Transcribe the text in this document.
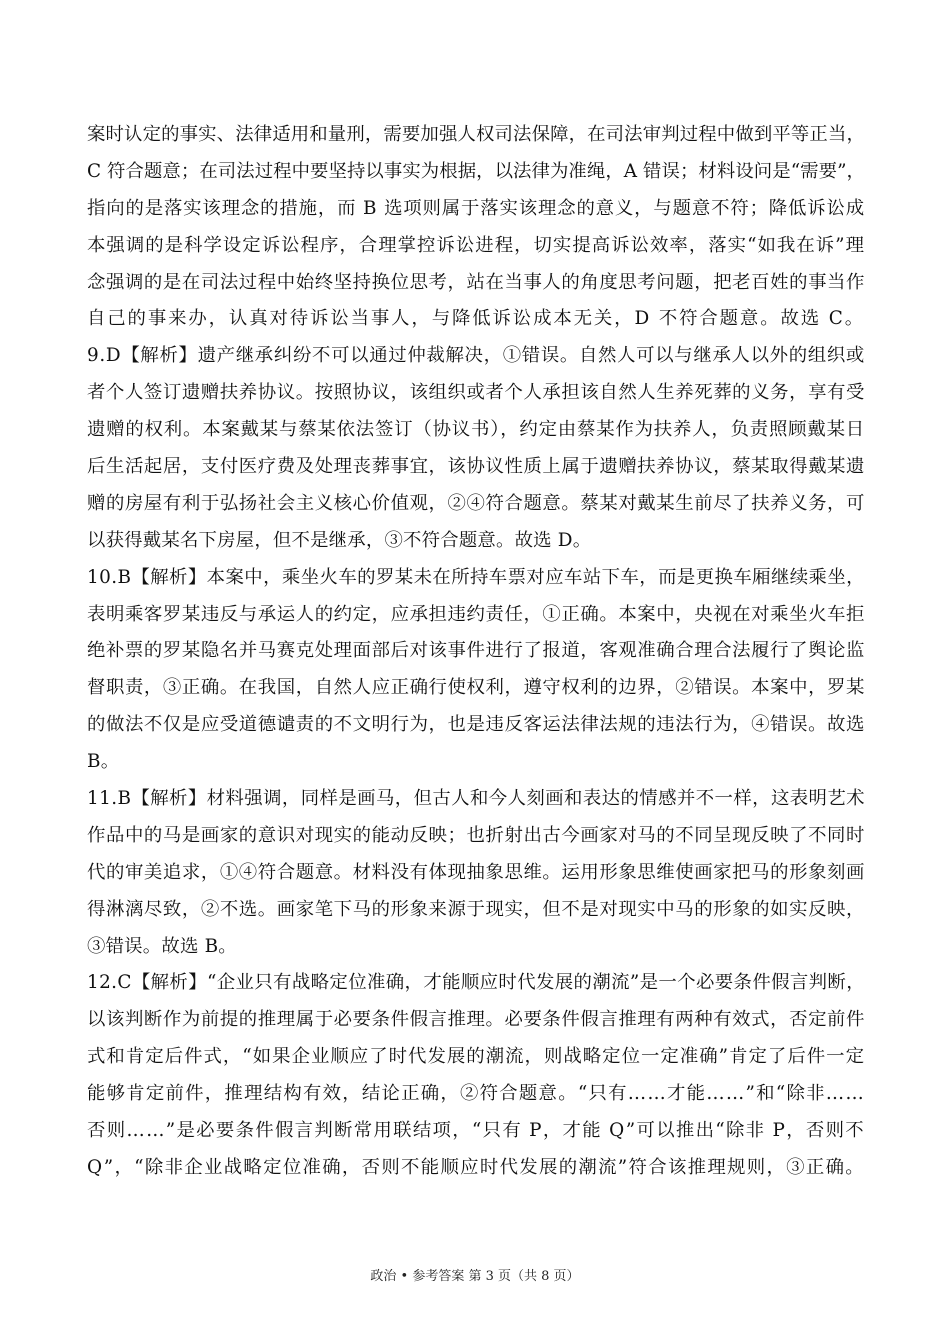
案时认定的事实、法律适用和量刑，需要加强人权司法保障，在司法审判过程中做到平等正当，
C 符合题意；在司法过程中要坚持以事实为根据，以法律为准绳，A 错误；材料设问是“需要”，
指向的是落实该理念的措施，而 B 选项则属于落实该理念的意义，与题意不符；降低诉讼成
本强调的是科学设定诉讼程序，合理掌控诉讼进程，切实提高诉讼效率，落实“如我在诉”理
念强调的是在司法过程中始终坚持换位思考，站在当事人的角度思考问题，把老百姓的事当作
自己的事来办，认真对待诉讼当事人，与降低诉讼成本无关，D 不符合题意。故选 C。
9.D【解析】遗产继承纠纷不可以通过仲裁解决，①错误。自然人可以与继承人以外的组织或
者个人签订遗赠扶养协议。按照协议，该组织或者个人承担该自然人生养死葬的义务，享有受
遗赠的权利。本案戴某与蔡某依法签订（协议书），约定由蔡某作为扶养人，负责照顾戴某日
后生活起居，支付医疗费及处理丧葬事宜，该协议性质上属于遗赠扶养协议，蔡某取得戴某遗
赠的房屋有利于弘扬社会主义核心价值观，②④符合题意。蔡某对戴某生前尽了扶养义务，可
以获得戴某名下房屋，但不是继承，③不符合题意。故选 D。
10.B【解析】本案中，乘坐火车的罗某未在所持车票对应车站下车，而是更换车厢继续乘坐，
表明乘客罗某违反与承运人的约定，应承担违约责任，①正确。本案中，央视在对乘坐火车拒
绝补票的罗某隐名并马赛克处理面部后对该事件进行了报道，客观准确合理合法履行了舆论监
督职责，③正确。在我国，自然人应正确行使权利，遵守权利的边界，②错误。本案中，罗某
的做法不仅是应受道德谴责的不文明行为，也是违反客运法律法规的违法行为，④错误。故选
B。
11.B【解析】材料强调，同样是画马，但古人和今人刻画和表达的情感并不一样，这表明艺术
作品中的马是画家的意识对现实的能动反映；也折射出古今画家对马的不同呈现反映了不同时
代的审美追求，①④符合题意。材料没有体现抽象思维。运用形象思维使画家把马的形象刻画
得淋漓尽致，②不选。画家笔下马的形象来源于现实，但不是对现实中马的形象的如实反映，
③错误。故选 B。
12.C【解析】“企业只有战略定位准确，才能顺应时代发展的潮流”是一个必要条件假言判断，
以该判断作为前提的推理属于必要条件假言推理。必要条件假言推理有两种有效式，否定前件
式和肯定后件式，“如果企业顺应了时代发展的潮流，则战略定位一定准确”肯定了后件一定
能够肯定前件，推理结构有效，结论正确，②符合题意。“只有……才能……”和“除非……
否则……”是必要条件假言判断常用联结项，“只有 P，才能 Q”可以推出“除非 P，否则不
Q”，“除非企业战略定位准确，否则不能顺应时代发展的潮流”符合该推理规则，③正确。
政治 • 参考答案 第 3 页（共 8 页）
